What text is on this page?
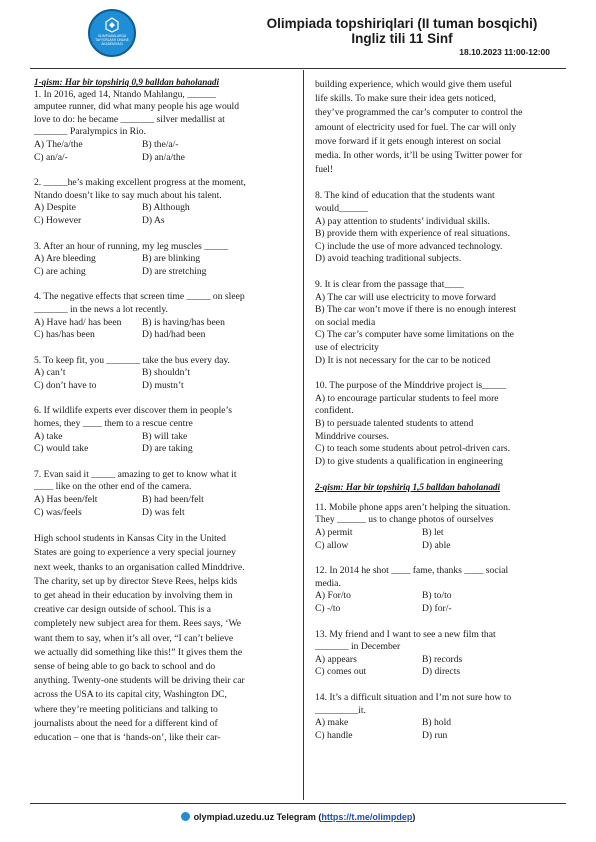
OLIMPIADALARGA TAYYORLASH ONLINE AKADEMIYASI
Olimpiada topshiriqlari (II tuman bosqichi)
Ingliz tili 11 Sinf
18.10.2023 11:00-12:00
1-qism: Har bir topshiriq 0,9 balldan baholanadi
1. In 2016, aged 14, Ntando Mahlangu, ______
amputee runner, did what many people his age would
love to do: he became _______ silver medallist at
_______ Paralympics in Rio.
A) The/a/the	B) the/a/-
C) an/a/-	D) an/a/the
2. _____he’s making excellent progress at the moment,
Ntando doesn’t like to say much about his talent.
A) Despite	B) Although
C) However	D) As
3. After an hour of running, my leg muscles _____
A) Are bleeding	B) are blinking
C) are aching	D) are stretching
4. The negative effects that screen time _____ on sleep
_______ in the news a lot recently.
A) Have had/ has been	B) is having/has been
C) has/has been	D) had/had been
5. To keep fit, you _______ take the bus every day.
A) can’t	B) shouldn’t
C) don’t have to	D) mustn’t
6. If wildlife experts ever discover them in people’s
homes, they ____ them to a rescue centre
A) take	B) will take
C) would take	D) are taking
7. Evan said it _____ amazing to get to know what it
____ like on the other end of the camera.
A) Has been/felt	B) had been/felt
C) was/feels	D) was felt
High school students in Kansas City in the United
States are going to experience a very special journey
next week, thanks to an organisation called Minddrive.
The charity, set up by director Steve Rees, helps kids
to get ahead in their education by involving them in
creative car design outside of school. This is a
completely new subject area for them. Rees says, ‘We
want them to say, when it’s all over, “I can’t believe
we actually did something like this!” It gives them the
sense of being able to go back to school and do
anything. Twenty-one students will be driving their car
across the USA to its capital city, Washington DC,
where they’re meeting politicians and talking to
journalists about the need for a different kind of
education – one that is ‘hands-on’, like their car-
building experience, which would give them useful
life skills. To make sure their idea gets noticed,
they’ve programmed the car’s computer to control the
amount of electricity used for fuel. The car will only
move forward if it gets enough interest on social
media. In other words, it’ll be using Twitter power for
fuel!
8. The kind of education that the students want
would______
A) pay attention to students’ individual skills.
B) provide them with experience of real situations.
C) include the use of more advanced technology.
D) avoid teaching traditional subjects.
9. It is clear from the passage that____
A) The car will use electricity to move forward
B) The car won’t move if there is no enough interest
on social media
C) The car’s computer have some limitations on the
use of electricity
D) It is not necessary for the car to be noticed
10. The purpose of the Minddrive project is_____
A) to encourage particular students to feel more
confident.
B) to persuade talented students to attend
Minddrive courses.
C) to teach some students about petrol-driven cars.
D) to give students a qualification in engineering
2-qism: Har bir topshiriq 1,5 balldan baholanadi
11. Mobile phone apps aren’t helping the situation.
They ______ us to change photos of ourselves
A) permit	B) let
C) allow	D) able
12. In 2014 he shot ____ fame, thanks ____ social
media.
A) For/to	B) to/to
C) -/to	D) for/-
13. My friend and I want to see a new film that
_______ in December
A) appears	B) records
C) comes out	D) directs
14. It’s a difficult situation and I’m not sure how to
_________it.
A) make	B) hold
C) handle	D) run
olympiad.uzedu.uz Telegram (https://t.me/olimpdep)
